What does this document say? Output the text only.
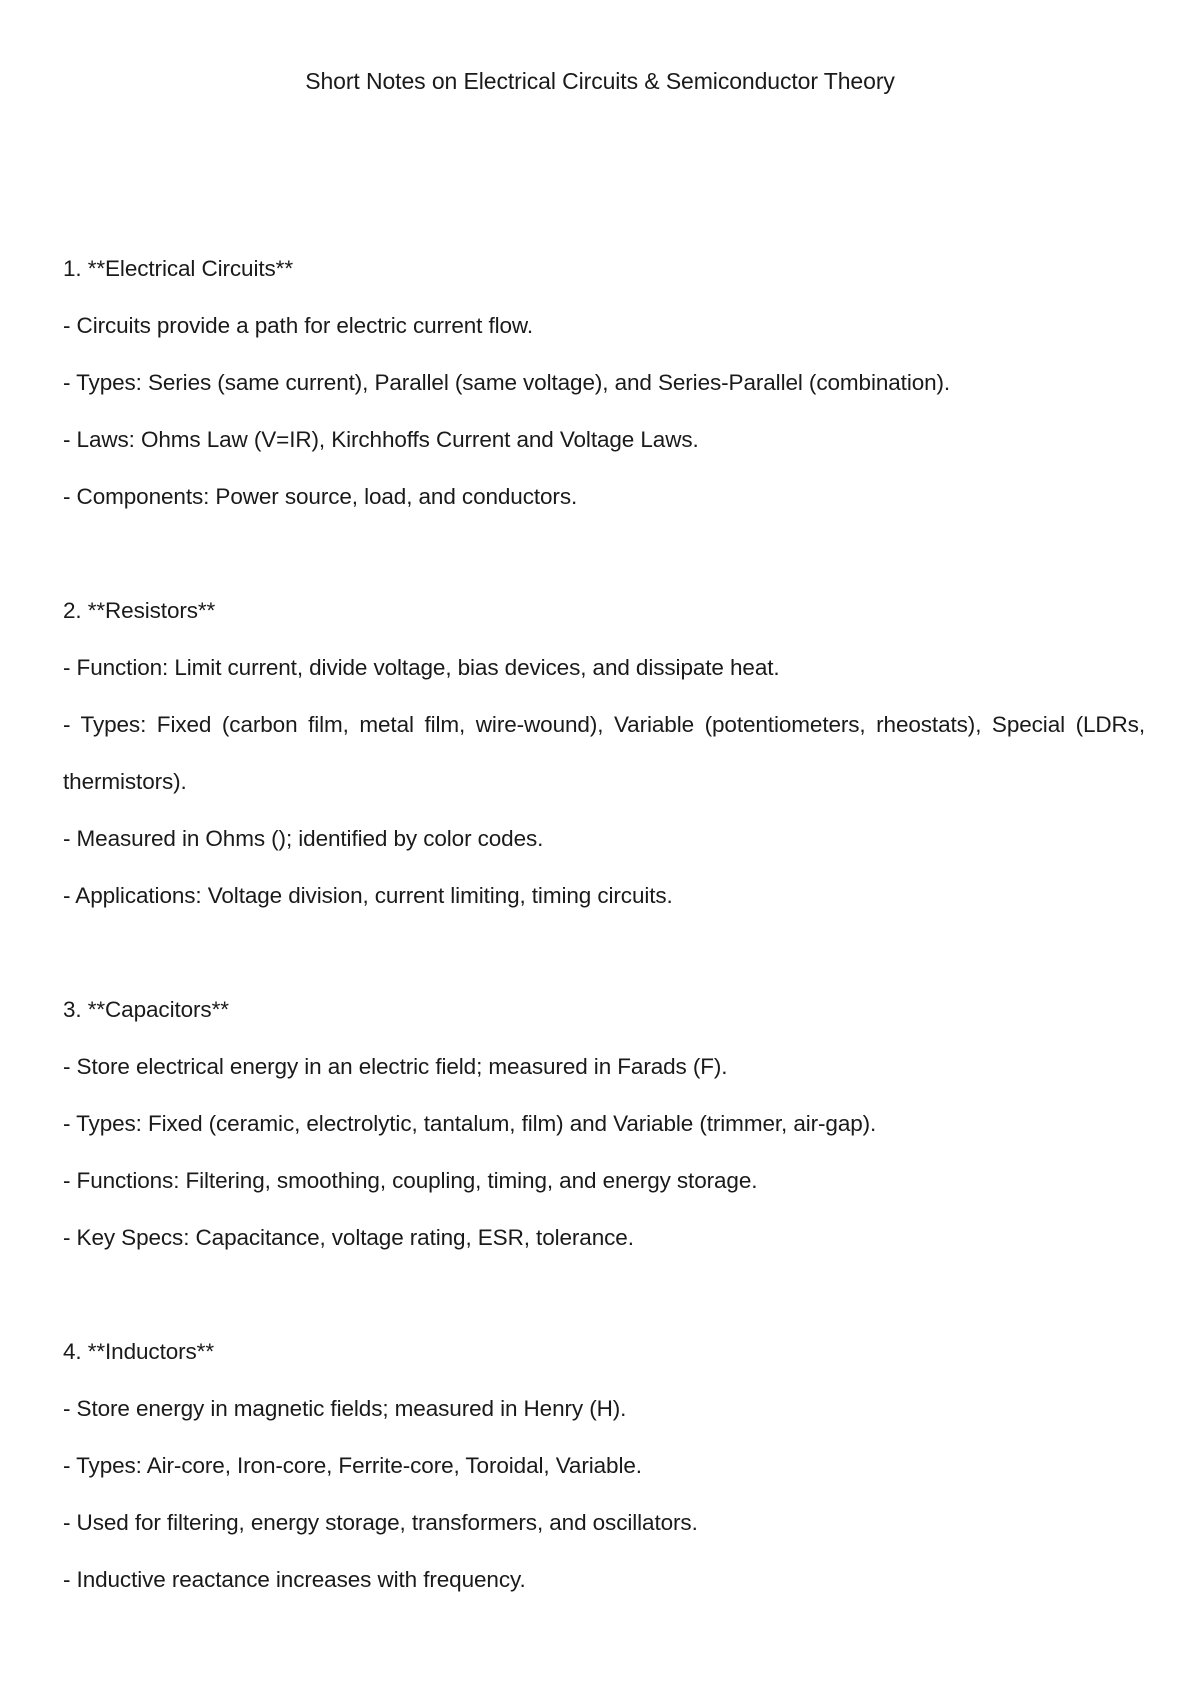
Short Notes on Electrical Circuits & Semiconductor Theory
1. **Electrical Circuits**
- Circuits provide a path for electric current flow.
- Types: Series (same current), Parallel (same voltage), and Series-Parallel (combination).
- Laws: Ohms Law (V=IR), Kirchhoffs Current and Voltage Laws.
- Components: Power source, load, and conductors.
2. **Resistors**
- Function: Limit current, divide voltage, bias devices, and dissipate heat.
- Types: Fixed (carbon film, metal film, wire-wound), Variable (potentiometers, rheostats), Special (LDRs, thermistors).
- Measured in Ohms (); identified by color codes.
- Applications: Voltage division, current limiting, timing circuits.
3. **Capacitors**
- Store electrical energy in an electric field; measured in Farads (F).
- Types: Fixed (ceramic, electrolytic, tantalum, film) and Variable (trimmer, air-gap).
- Functions: Filtering, smoothing, coupling, timing, and energy storage.
- Key Specs: Capacitance, voltage rating, ESR, tolerance.
4. **Inductors**
- Store energy in magnetic fields; measured in Henry (H).
- Types: Air-core, Iron-core, Ferrite-core, Toroidal, Variable.
- Used for filtering, energy storage, transformers, and oscillators.
- Inductive reactance increases with frequency.
